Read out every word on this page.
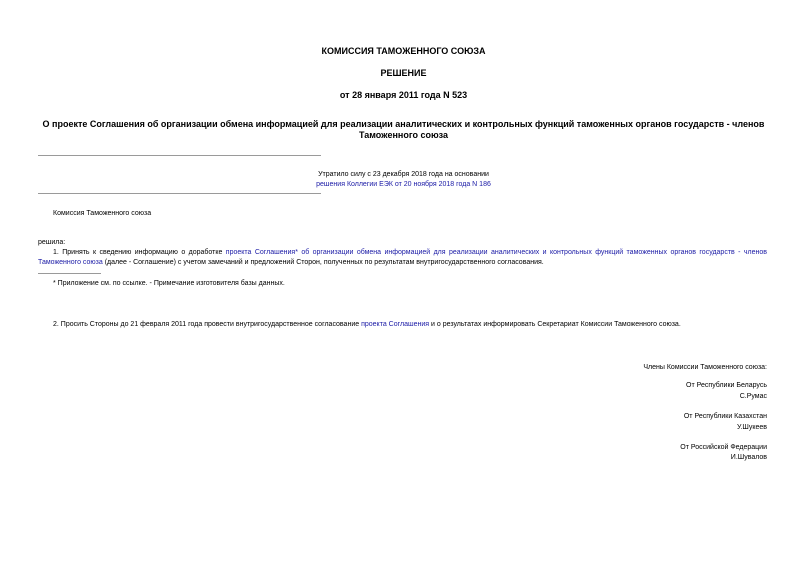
КОМИССИЯ ТАМОЖЕННОГО СОЮЗА
РЕШЕНИЕ
от 28 января 2011 года N 523
О проекте Соглашения об организации обмена информацией для реализации аналитических и контрольных функций таможенных органов государств - членов Таможенного союза
Утратило силу с 23 декабря 2018 года на основании
решения Коллегии ЕЭК от 20 ноября 2018 года N 186
Комиссия Таможенного союза
решила:
1. Принять к сведению информацию о доработке проекта Соглашения* об организации обмена информацией для реализации аналитических и контрольных функций таможенных органов государств - членов Таможенного союза (далее - Соглашение) с учетом замечаний и предложений Сторон, полученных по результатам внутригосударственного согласования.
* Приложение см. по ссылке. - Примечание изготовителя базы данных.
2. Просить Стороны до 21 февраля 2011 года провести внутригосударственное согласование проекта Соглашения и о результатах информировать Секретариат Комиссии Таможенного союза.
Члены Комиссии Таможенного союза:
От Республики Беларусь
С.Румас
От Республики Казахстан
У.Шукеев
От Российской Федерации
И.Шувалов
